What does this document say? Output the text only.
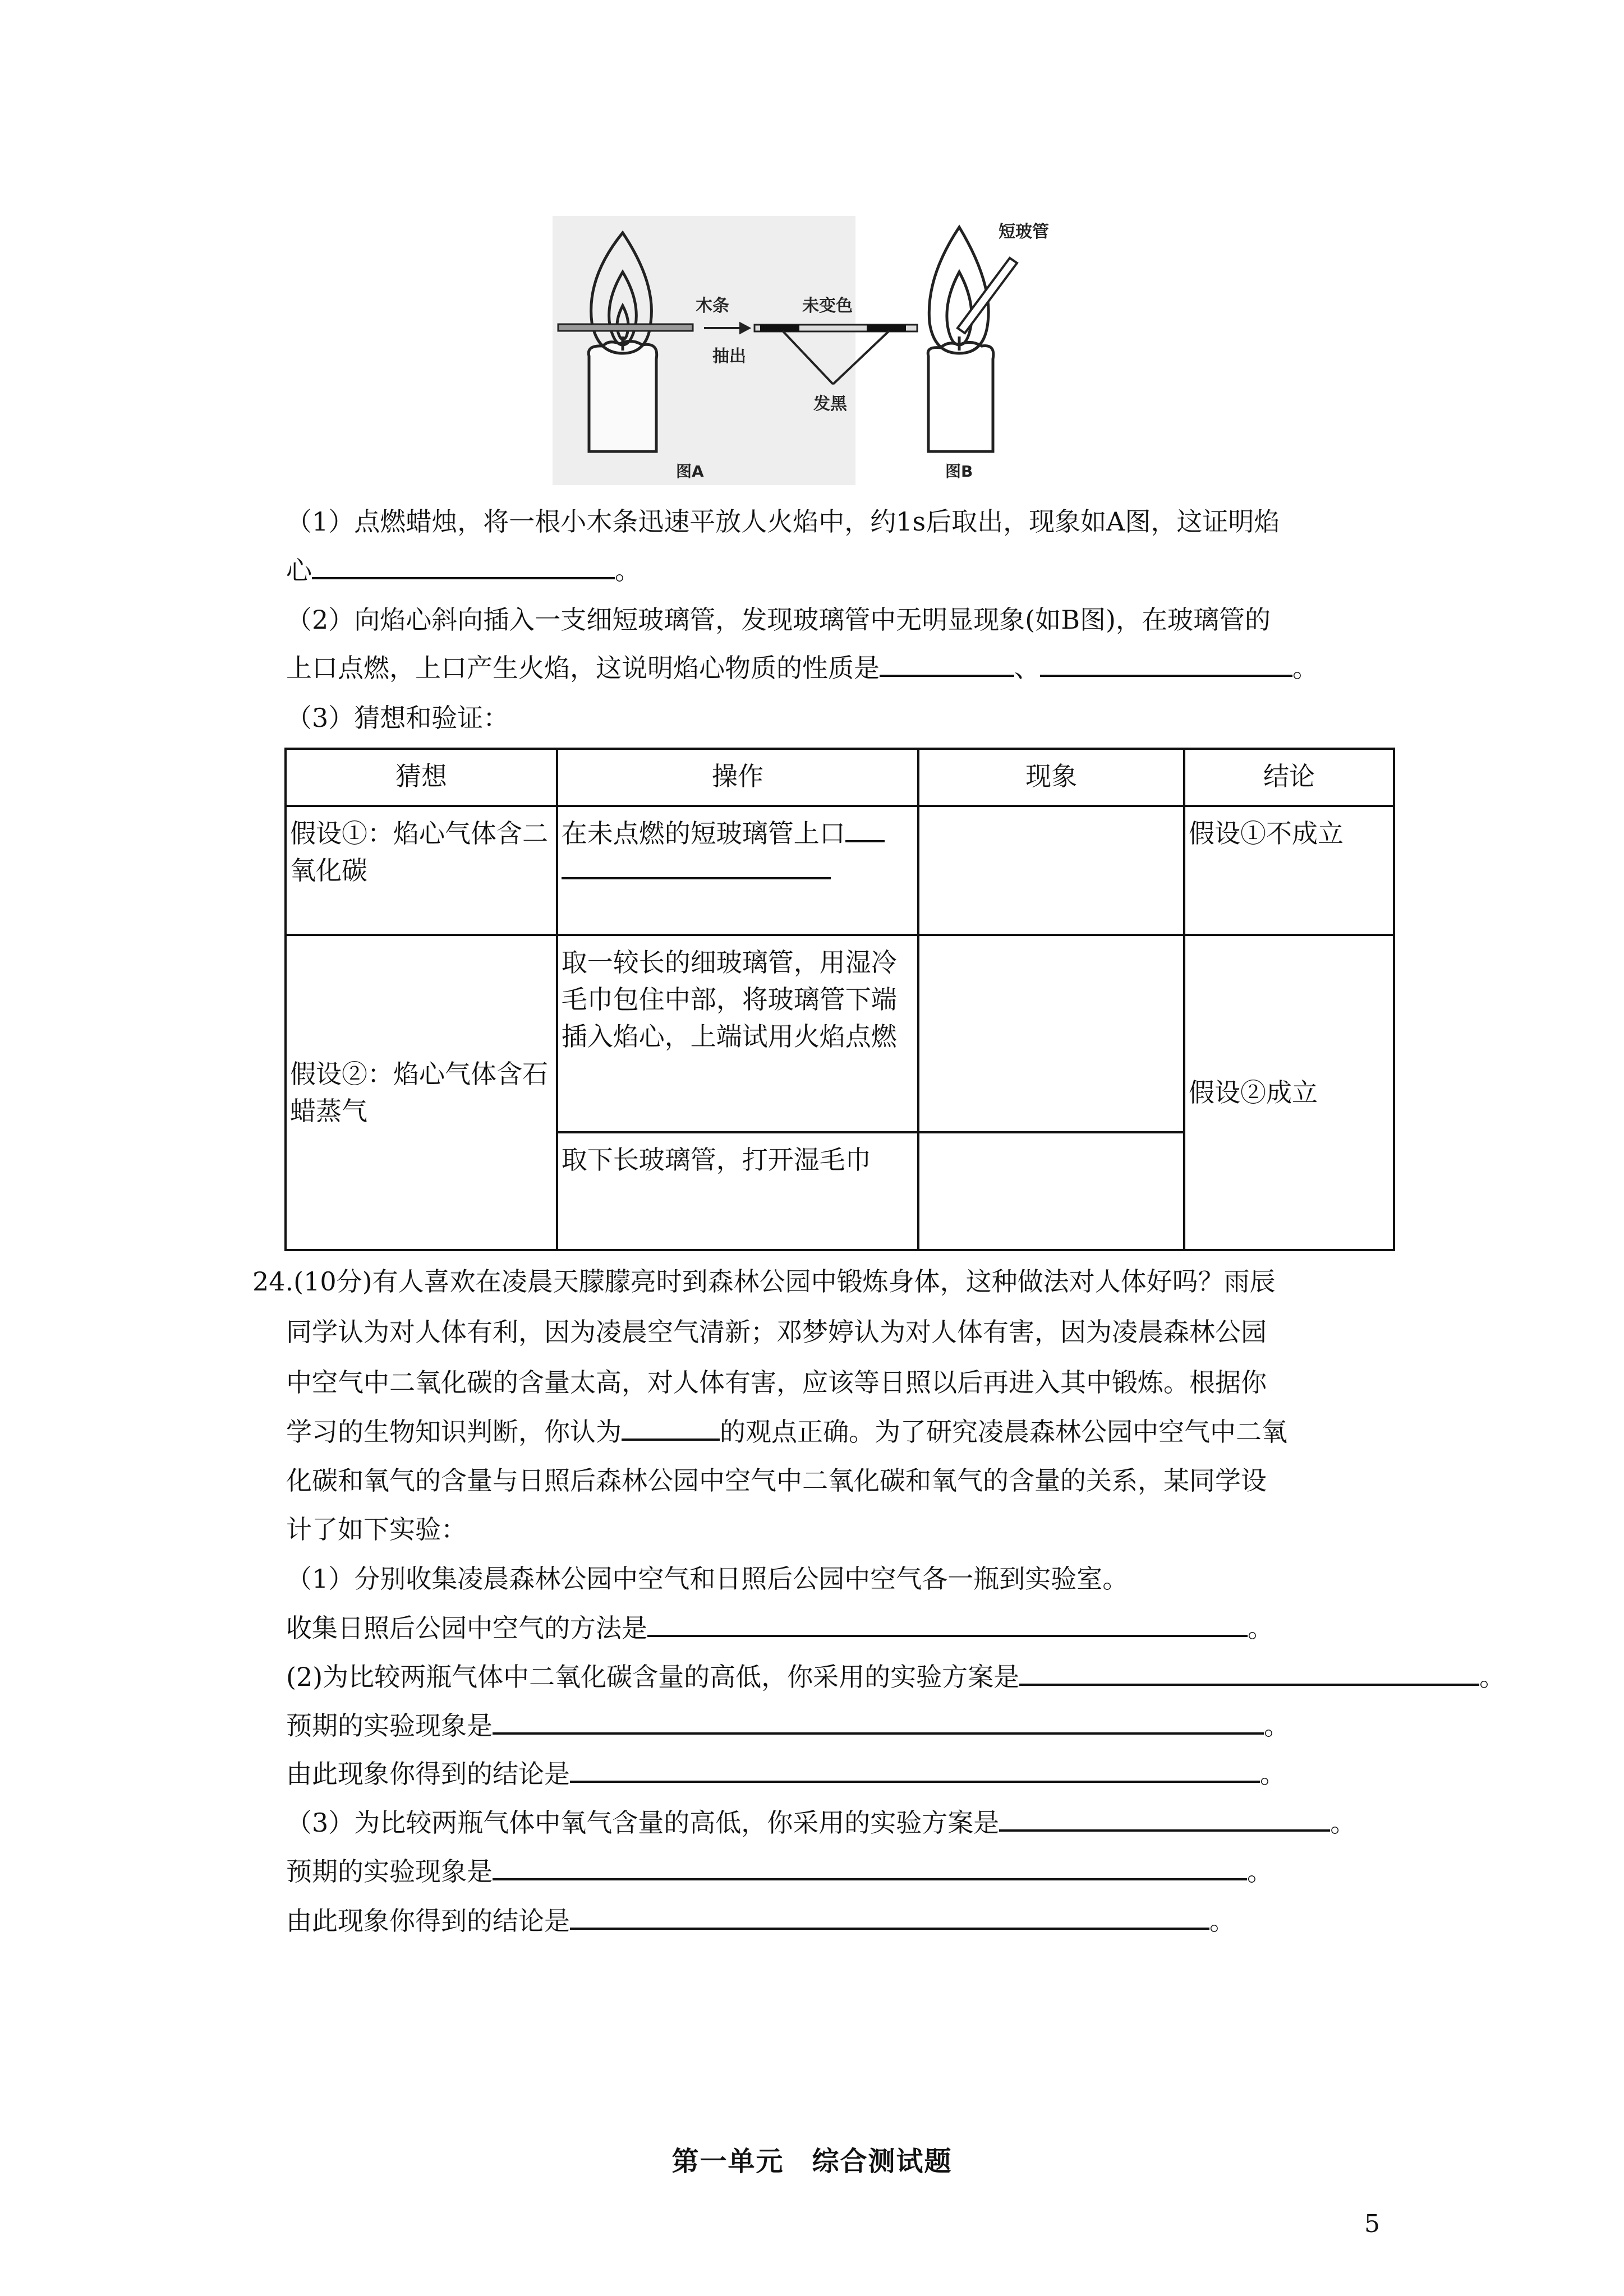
木条	未变色
抽出
发黑
图A
短玻管
图B
（1）点燃蜡烛，将一根小木条迅速平放人火焰中，约1s后取出，现象如A图，这证明焰
心	。
（2）向焰心斜向插入一支细短玻璃管，发现玻璃管中无明显现象(如B图)，在玻璃管的
上口点燃，上口产生火焰，这说明焰心物质的性质是	、	。
（3）猜想和验证：
猜想	操作	现象	结论
假设①：焰心气体含二氧化碳	在未点燃的短玻璃管上口		假设①不成立
假设②：焰心气体含石蜡蒸气	取一较长的细玻璃管，用湿冷毛巾包住中部，将玻璃管下端插入焰心，上端试用火焰点燃		假设②成立
	取下长玻璃管，打开湿毛巾		
24.(10分)有人喜欢在凌晨天朦朦亮时到森林公园中锻炼身体，这种做法对人体好吗？雨辰
同学认为对人体有利，因为凌晨空气清新；邓梦婷认为对人体有害，因为凌晨森林公园
中空气中二氧化碳的含量太高，对人体有害，应该等日照以后再进入其中锻炼。根据你
学习的生物知识判断，你认为	的观点正确。为了研究凌晨森林公园中空气中二氧
化碳和氧气的含量与日照后森林公园中空气中二氧化碳和氧气的含量的关系，某同学设
计了如下实验：
（1）分别收集凌晨森林公园中空气和日照后公园中空气各一瓶到实验室。
收集日照后公园中空气的方法是	。
(2)为比较两瓶气体中二氧化碳含量的高低，你采用的实验方案是	。
预期的实验现象是	。
由此现象你得到的结论是	。
（3）为比较两瓶气体中氧气含量的高低，你采用的实验方案是	。
预期的实验现象是	。
由此现象你得到的结论是	。
第一单元　综合测试题
5
